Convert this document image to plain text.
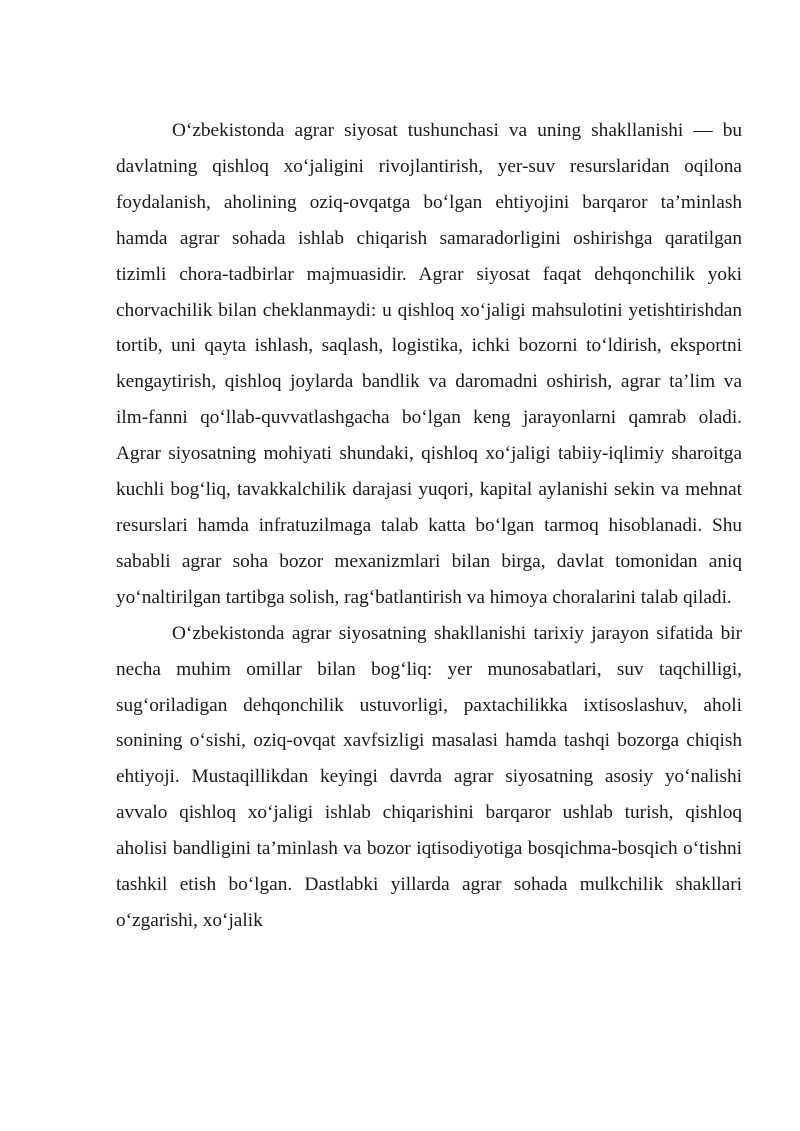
O‘zbekistonda agrar siyosat tushunchasi va uning shakllanishi — bu davlatning qishloq xo‘jaligini rivojlantirish, yer-suv resurslaridan oqilona foydalanish, aholining oziq-ovqatga bo‘lgan ehtiyojini barqaror ta’minlash hamda agrar sohada ishlab chiqarish samaradorligini oshirishga qaratilgan tizimli chora-tadbirlar majmuasidir. Agrar siyosat faqat dehqonchilik yoki chorvachilik bilan cheklanmaydi: u qishloq xo‘jaligi mahsulotini yetishtirishdan tortib, uni qayta ishlash, saqlash, logistika, ichki bozorni to‘ldirish, eksportni kengaytirish, qishloq joylarda bandlik va daromadni oshirish, agrar ta’lim va ilm-fanni qo‘llab-quvvatlashgacha bo‘lgan keng jarayonlarni qamrab oladi. Agrar siyosatning mohiyati shundaki, qishloq xo‘jaligi tabiiy-iqlimiy sharoitga kuchli bog‘liq, tavakkalchilik darajasi yuqori, kapital aylanishi sekin va mehnat resurslari hamda infratuzilmaga talab katta bo‘lgan tarmoq hisoblanadi. Shu sababli agrar soha bozor mexanizmlari bilan birga, davlat tomonidan aniq yo‘naltirilgan tartibga solish, rag‘batlantirish va himoya choralarini talab qiladi.

O‘zbekistonda agrar siyosatning shakllanishi tarixiy jarayon sifatida bir necha muhim omillar bilan bog‘liq: yer munosabatlari, suv taqchilligi, sug‘oriladigan dehqonchilik ustuvorligi, paxtachilikka ixtisoslashuv, aholi sonining o‘sishi, oziq-ovqat xavfsizligi masalasi hamda tashqi bozorga chiqish ehtiyoji. Mustaqillikdan keyingi davrda agrar siyosatning asosiy yo‘nalishi avvalo qishloq xo‘jaligi ishlab chiqarishini barqaror ushlab turish, qishloq aholisi bandligini ta’minlash va bozor iqtisodiyotiga bosqichma-bosqich o‘tishni tashkil etish bo‘lgan. Dastlabki yillarda agrar sohada mulkchilik shakllari o‘zgarishi, xo‘jalik
